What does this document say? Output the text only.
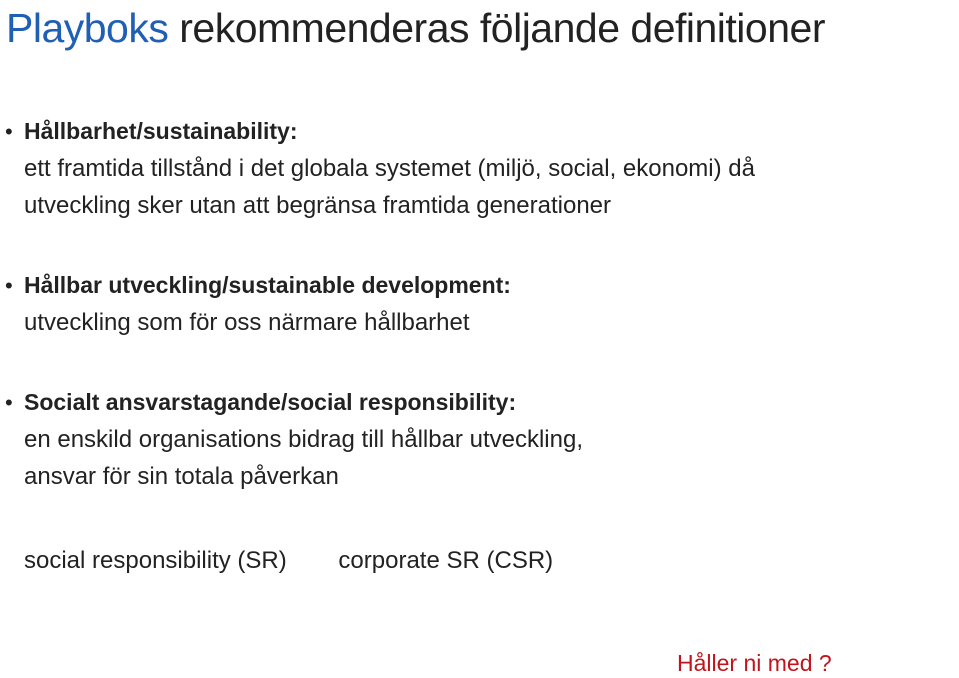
Playboks rekommenderas följande definitioner
• Hållbarhet/sustainability:
ett framtida tillstånd i det globala systemet (miljö, social, ekonomi) då
utveckling sker utan att begränsa framtida generationer
• Hållbar utveckling/sustainable development:
utveckling som för oss närmare hållbarhet
• Socialt ansvarstagande/social responsibility:
en enskild organisations bidrag till hållbar utveckling,
ansvar för sin totala påverkan
social responsibility (SR) corporate SR (CSR)
Håller ni med ?
